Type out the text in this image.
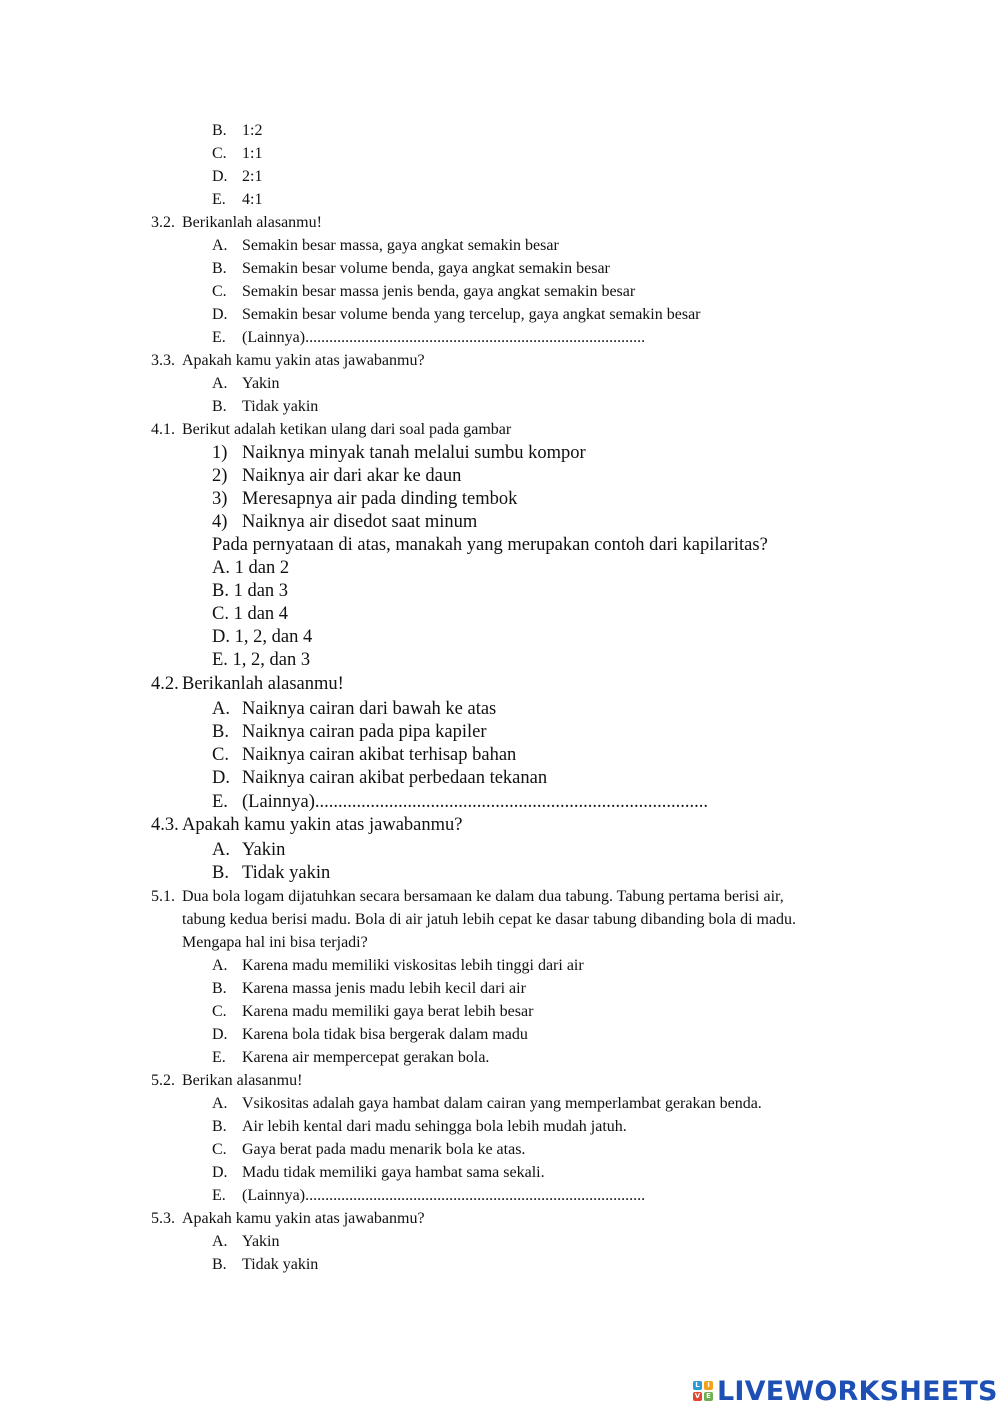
B. 1:2
C. 1:1
D. 2:1
E. 4:1
3.2. Berikanlah alasanmu!
A. Semakin besar massa, gaya angkat semakin besar
B. Semakin besar volume benda, gaya angkat semakin besar
C. Semakin besar massa jenis benda, gaya angkat semakin besar
D. Semakin besar volume benda yang tercelup, gaya angkat semakin besar
E. (Lainnya).....................................................................................
3.3. Apakah kamu yakin atas jawabanmu?
A. Yakin
B. Tidak yakin
4.1. Berikut adalah ketikan ulang dari soal pada gambar
1) Naiknya minyak tanah melalui sumbu kompor
2) Naiknya air dari akar ke daun
3) Meresapnya air pada dinding tembok
4) Naiknya air disedot saat minum
Pada pernyataan di atas, manakah yang merupakan contoh dari kapilaritas?
A. 1 dan 2
B. 1 dan 3
C. 1 dan 4
D. 1, 2, dan 4
E. 1, 2, dan 3
4.2. Berikanlah alasanmu!
A. Naiknya cairan dari bawah ke atas
B. Naiknya cairan pada pipa kapiler
C. Naiknya cairan akibat terhisap bahan
D. Naiknya cairan akibat perbedaan tekanan
E. (Lainnya).....................................................................................
4.3. Apakah kamu yakin atas jawabanmu?
A. Yakin
B. Tidak yakin
5.1. Dua bola logam dijatuhkan secara bersamaan ke dalam dua tabung. Tabung pertama berisi air,
tabung kedua berisi madu. Bola di air jatuh lebih cepat ke dasar tabung dibanding bola di madu.
Mengapa hal ini bisa terjadi?
A. Karena madu memiliki viskositas lebih tinggi dari air
B. Karena massa jenis madu lebih kecil dari air
C. Karena madu memiliki gaya berat lebih besar
D. Karena bola tidak bisa bergerak dalam madu
E. Karena air mempercepat gerakan bola.
5.2. Berikan alasanmu!
A. Vsikositas adalah gaya hambat dalam cairan yang memperlambat gerakan benda.
B. Air lebih kental dari madu sehingga bola lebih mudah jatuh.
C. Gaya berat pada madu menarik bola ke atas.
D. Madu tidak memiliki gaya hambat sama sekali.
E. (Lainnya).....................................................................................
5.3. Apakah kamu yakin atas jawabanmu?
A. Yakin
B. Tidak yakin
L	I
V E LIVEWORKSHEETS
